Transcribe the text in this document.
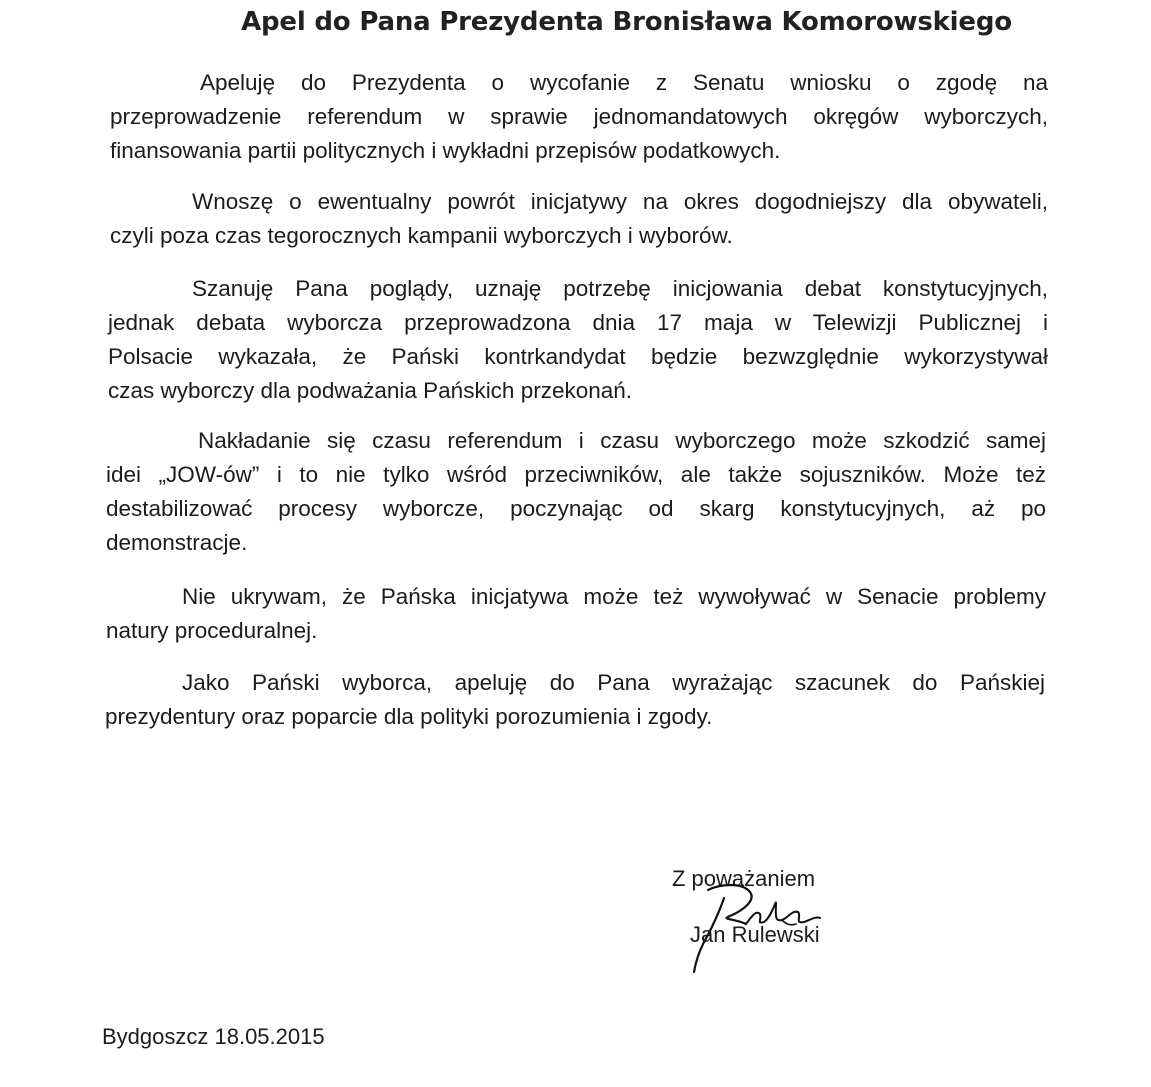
Apel do Pana Prezydenta Bronisława Komorowskiego
Apeluję do Prezydenta o wycofanie z Senatu wniosku o zgodę na
przeprowadzenie referendum w sprawie jednomandatowych okręgów wyborczych,
finansowania partii politycznych i wykładni przepisów podatkowych.
Wnoszę o ewentualny powrót inicjatywy na okres dogodniejszy dla obywateli,
czyli poza czas tegorocznych kampanii wyborczych i wyborów.
Szanuję Pana poglądy, uznaję potrzebę inicjowania debat konstytucyjnych,
jednak debata wyborcza przeprowadzona dnia 17 maja w Telewizji Publicznej i
Polsacie wykazała, że Pański kontrkandydat będzie bezwzględnie wykorzystywał
czas wyborczy dla podważania Pańskich przekonań.
Nakładanie się czasu referendum i czasu wyborczego może szkodzić samej
idei „JOW-ów” i to nie tylko wśród przeciwników, ale także sojuszników. Może też
destabilizować procesy wyborcze, poczynając od skarg konstytucyjnych, aż po
demonstracje.
Nie ukrywam, że Pańska inicjatywa może też wywoływać w Senacie problemy
natury proceduralnej.
Jako Pański wyborca, apeluję do Pana wyrażając szacunek do Pańskiej
prezydentury oraz poparcie dla polityki porozumienia i zgody.
Z poważaniem
Jan Rulewski
Bydgoszcz 18.05.2015
